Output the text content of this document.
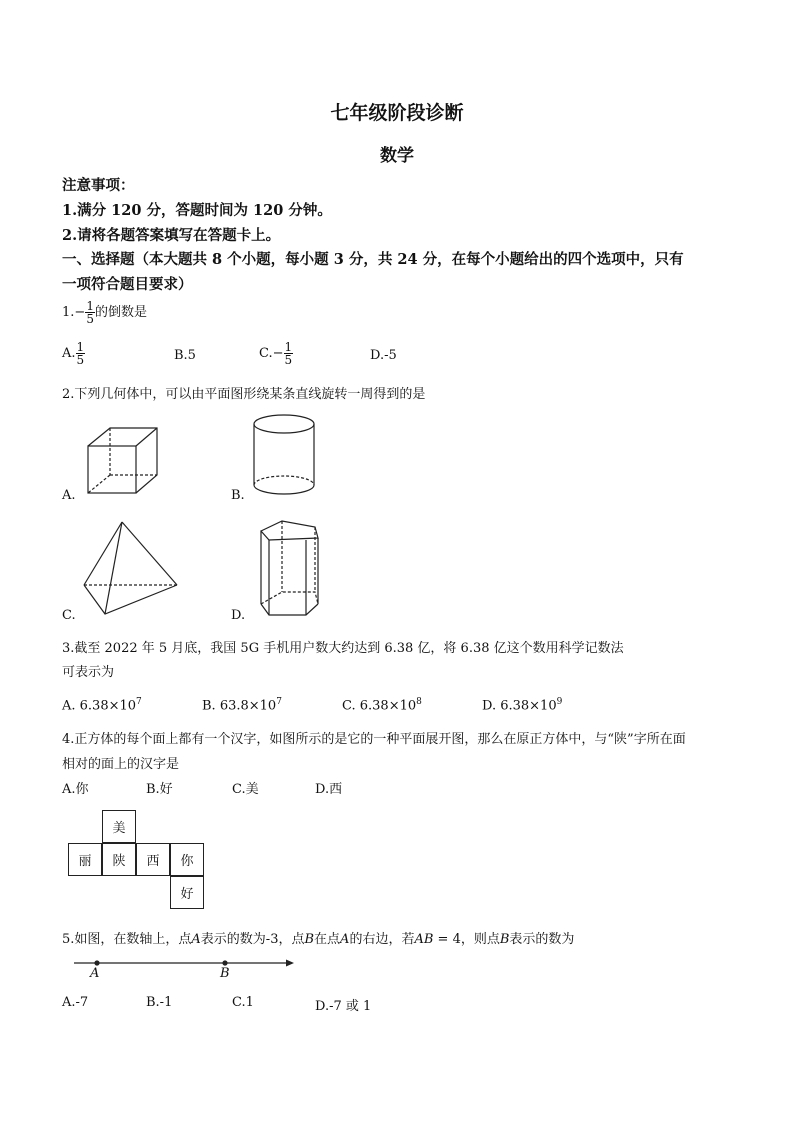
七年级阶段诊断
数学
注意事项：
1.满分 120 分，答题时间为 120 分钟。
2.请将各题答案填写在答题卡上。
一、选择题（本大题共 8 个小题，每小题 3 分，共 24 分，在每个小题给出的四个选项中，只有
一项符合题目要求）
$1.- \frac{1}{5}$ 的倒数是
A. $\frac{1}{5}$	B.5	$C.- \frac{1}{5}$	D.-5
2.下列几何体中，可以由平面图形绕某条直线旋转一周得到的是
A.	B.
C.	D.
3.截至 2022 年 5 月底，我国 5G 手机用户数大约达到 6.38 亿，将 6.38 亿这个数用科学记数法
可表示为
A. $6.38\times 10^7$	B. $63.8\times 10^7$	C. $6.38\times 10^8$	D. $6.38\times 10^9$
4.正方体的每个面上都有一个汉字，如图所示的是它的一种平面展开图，那么在原正方体中，与“陕”字所在面
相对的面上的汉字是
A.你	B.好	C.美	D.西
美
丽	陕	西	你
好
5.如图，在数轴上，点A表示的数为-3，点B在点A的右边，若AB = 4，则点B表示的数为
A	B
A.-7	B.-1	C.1	D.-7 或 1
